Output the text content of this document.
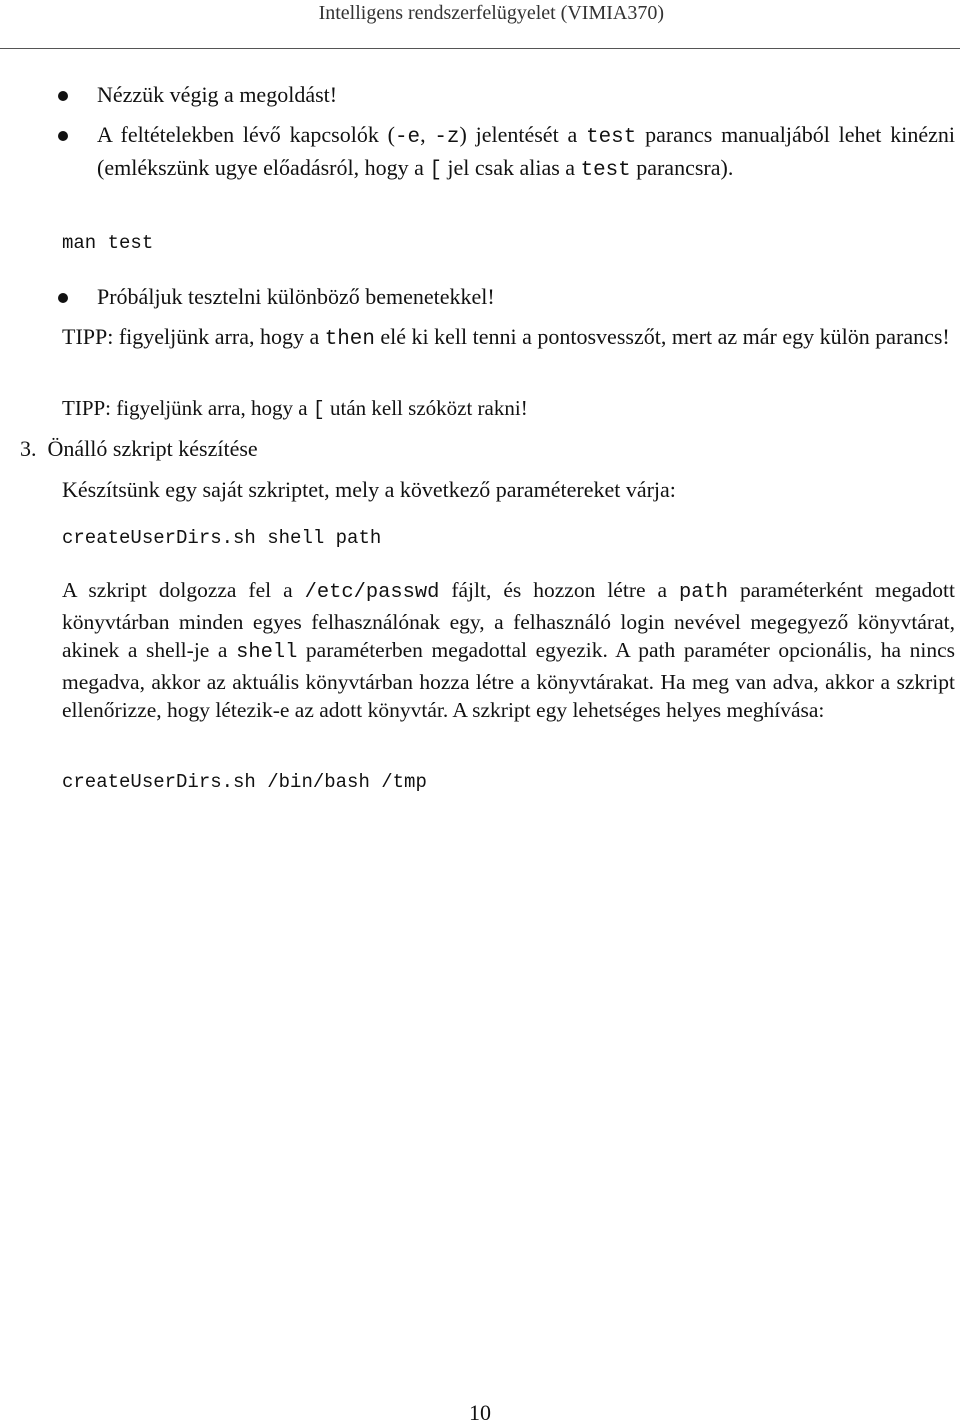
Intelligens rendszerfelügyelet (VIMIA370)
Nézzük végig a megoldást!
A feltételekben lévő kapcsolók (-e, -z) jelentését a test parancs manualjából lehet kinézni (emlékszünk ugye előadásról, hogy a [ jel csak alias a test parancsra).
man test
Próbáljuk tesztelni különböző bemenetekkel!
TIPP: figyeljünk arra, hogy a then elé ki kell tenni a pontosvesszőt, mert az már egy külön parancs!
TIPP: figyeljünk arra, hogy a [ után kell szóközt rakni!
3. Önálló szkript készítése
Készítsünk egy saját szkriptet, mely a következő paramétereket várja:
createUserDirs.sh shell path
A szkript dolgozza fel a /etc/passwd fájlt, és hozzon létre a path paraméterként megadott könyvtárban minden egyes felhasználónak egy, a felhasználó login nevével megegyező könyvtárat, akinek a shell-je a shell paraméterben megadottal egyezik. A path paraméter opcionális, ha nincs megadva, akkor az aktuális könyvtárban hozza létre a könyvtárakat. Ha meg van adva, akkor a szkript ellenőrizze, hogy létezik-e az adott könyvtár. A szkript egy lehetséges helyes meghívása:
createUserDirs.sh /bin/bash /tmp
10
